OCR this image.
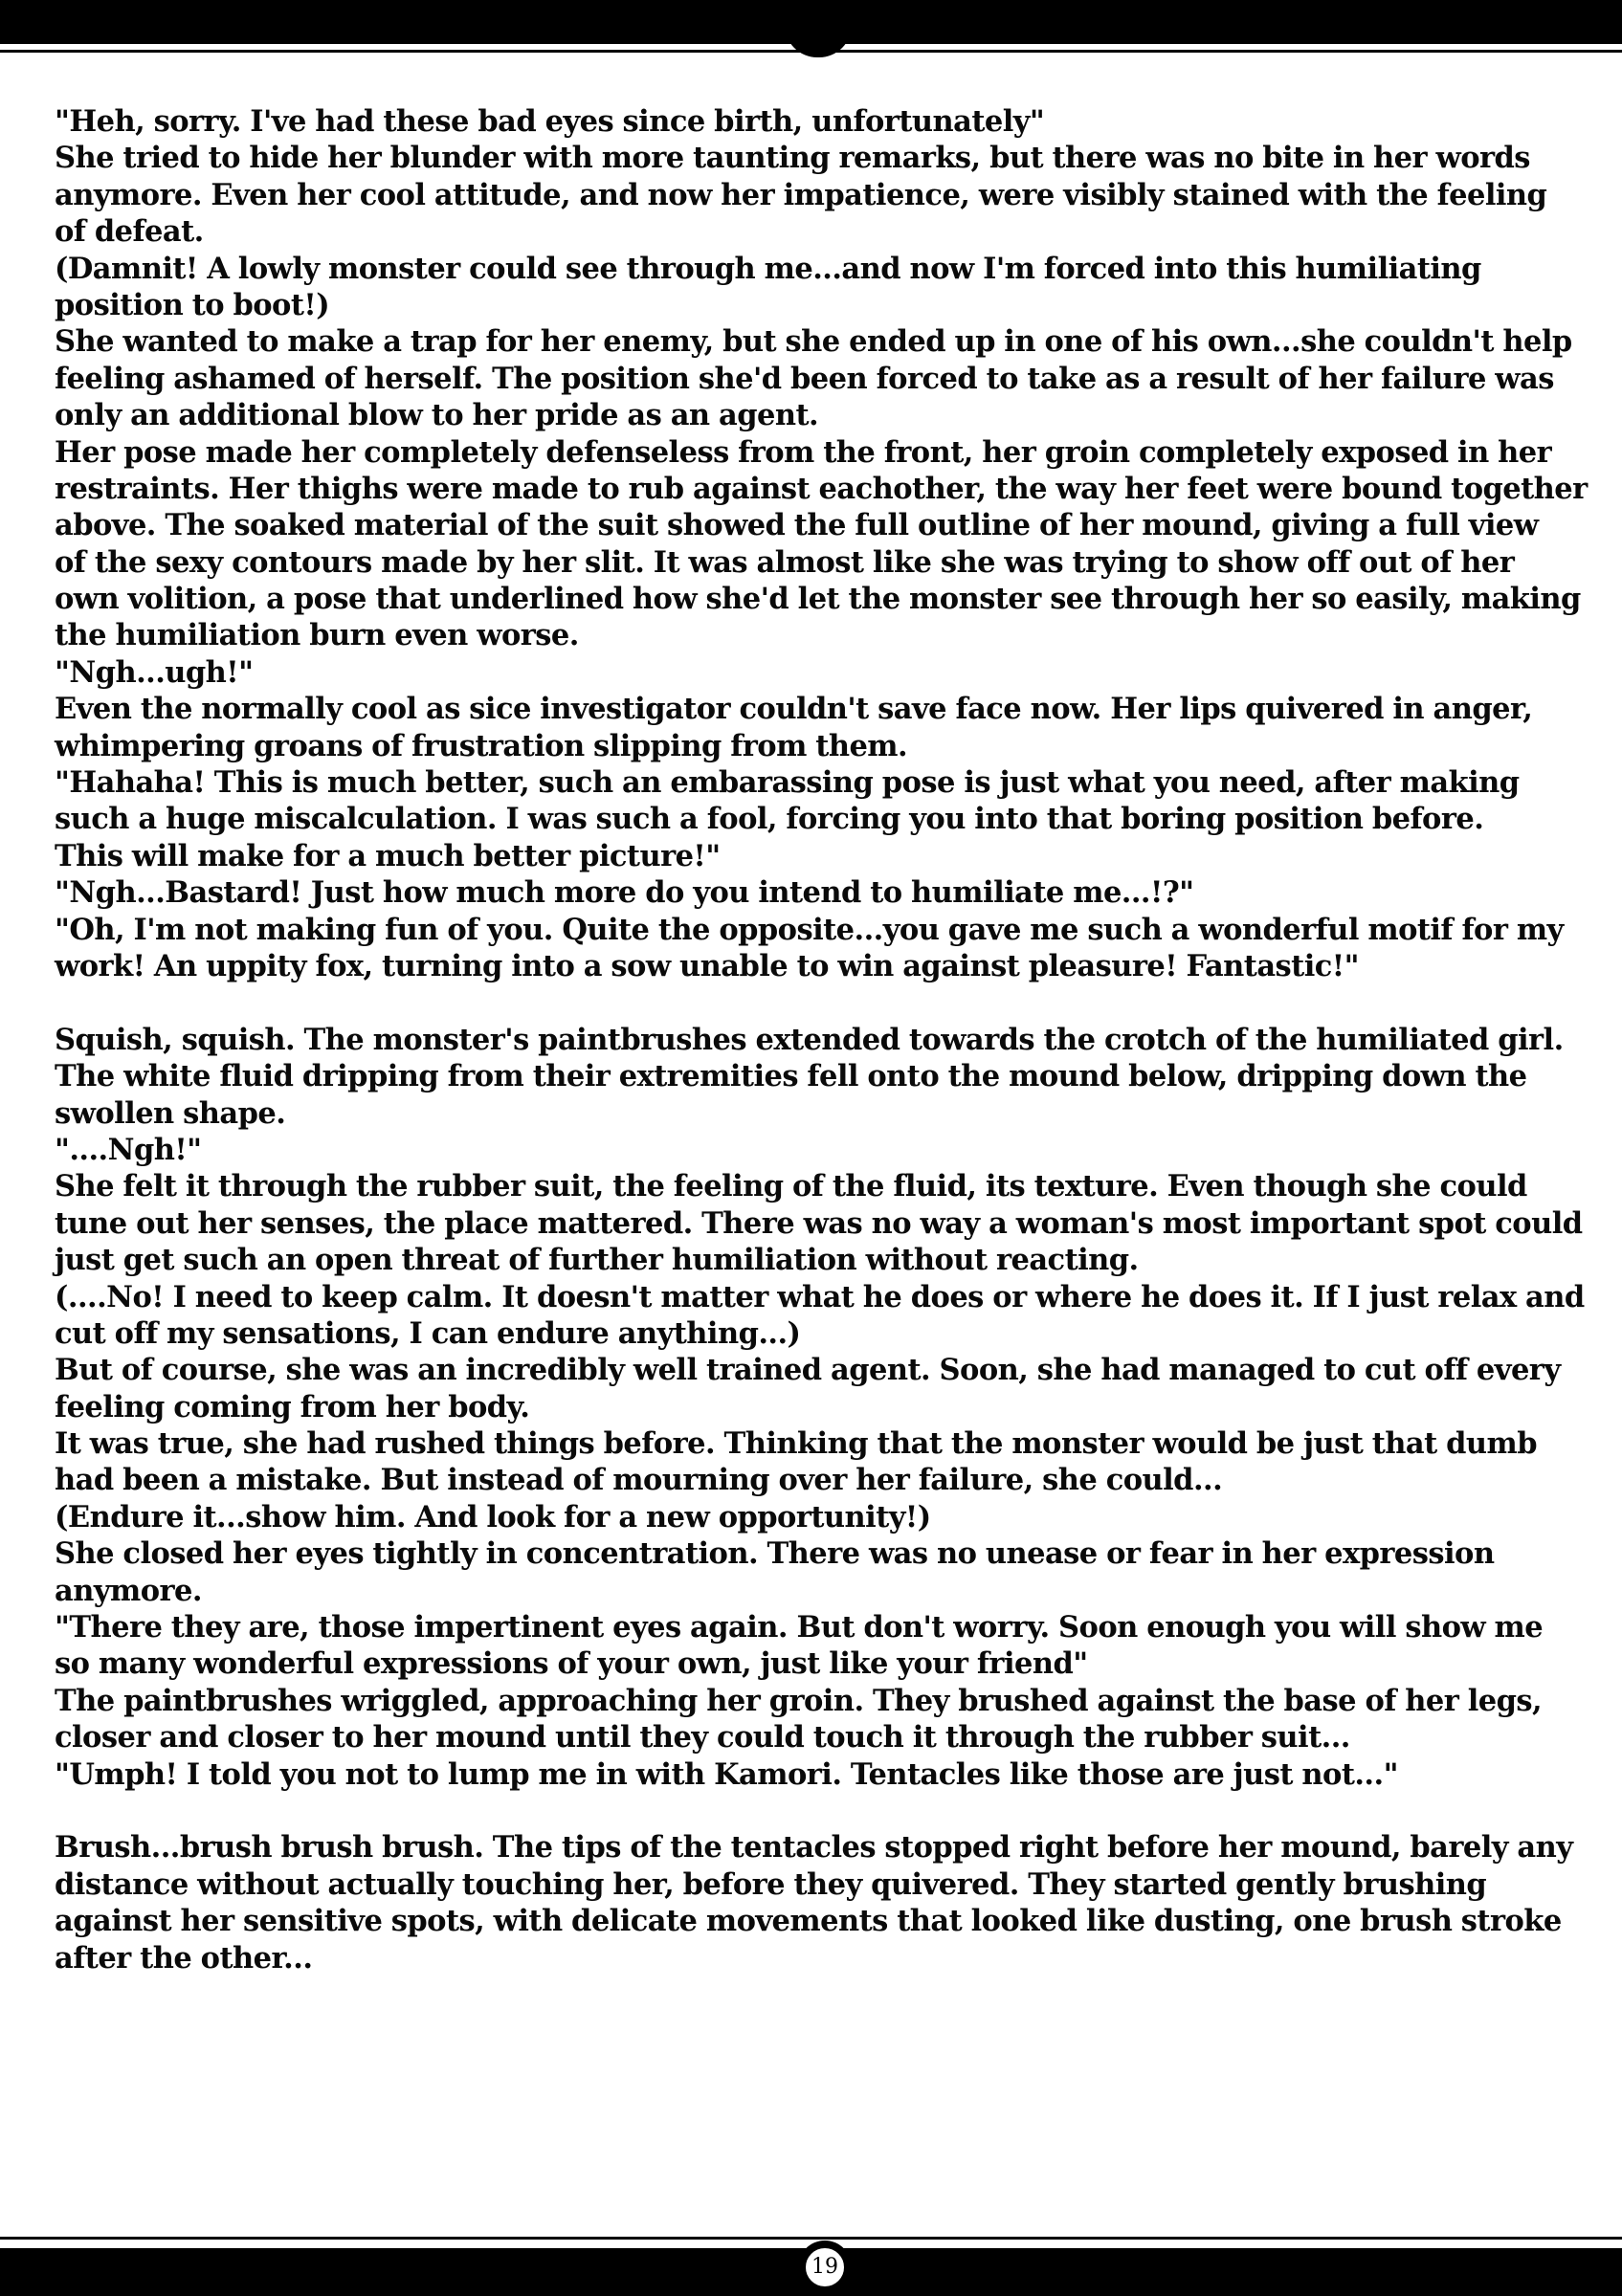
"Heh, sorry. I've had these bad eyes since birth, unfortunately"
She tried to hide her blunder with more taunting remarks, but there was no bite in her words
anymore. Even her cool attitude, and now her impatience, were visibly stained with the feeling
of defeat.
(Damnit! A lowly monster could see through me...and now I'm forced into this humiliating
position to boot!)
She wanted to make a trap for her enemy, but she ended up in one of his own...she couldn't help
feeling ashamed of herself. The position she'd been forced to take as a result of her failure was
only an additional blow to her pride as an agent.
Her pose made her completely defenseless from the front, her groin completely exposed in her
restraints. Her thighs were made to rub against eachother, the way her feet were bound together
above. The soaked material of the suit showed the full outline of her mound, giving a full view
of the sexy contours made by her slit. It was almost like she was trying to show off out of her
own volition, a pose that underlined how she'd let the monster see through her so easily, making
the humiliation burn even worse.
"Ngh...ugh!"
Even the normally cool as sice investigator couldn't save face now. Her lips quivered in anger,
whimpering groans of frustration slipping from them.
"Hahaha! This is much better, such an embarassing pose is just what you need, after making
such a huge miscalculation. I was such a fool, forcing you into that boring position before.
This will make for a much better picture!"
"Ngh...Bastard! Just how much more do you intend to humiliate me...!?"
"Oh, I'm not making fun of you. Quite the opposite...you gave me such a wonderful motif for my
work! An uppity fox, turning into a sow unable to win against pleasure! Fantastic!"
Squish, squish. The monster's paintbrushes extended towards the crotch of the humiliated girl.
The white fluid dripping from their extremities fell onto the mound below, dripping down the
swollen shape.
"....Ngh!"
She felt it through the rubber suit, the feeling of the fluid, its texture. Even though she could
tune out her senses, the place mattered. There was no way a woman's most important spot could
just get such an open threat of further humiliation without reacting.
(....No! I need to keep calm. It doesn't matter what he does or where he does it. If I just relax and
cut off my sensations, I can endure anything...)
But of course, she was an incredibly well trained agent. Soon, she had managed to cut off every
feeling coming from her body.
It was true, she had rushed things before. Thinking that the monster would be just that dumb
had been a mistake. But instead of mourning over her failure, she could...
(Endure it...show him. And look for a new opportunity!)
She closed her eyes tightly in concentration. There was no unease or fear in her expression
anymore.
"There they are, those impertinent eyes again. But don't worry. Soon enough you will show me
so many wonderful expressions of your own, just like your friend"
The paintbrushes wriggled, approaching her groin. They brushed against the base of her legs,
closer and closer to her mound until they could touch it through the rubber suit...
"Umph! I told you not to lump me in with Kamori. Tentacles like those are just not..."
Brush...brush brush brush. The tips of the tentacles stopped right before her mound, barely any
distance without actually touching her, before they quivered. They started gently brushing
against her sensitive spots, with delicate movements that looked like dusting, one brush stroke
after the other...
19
